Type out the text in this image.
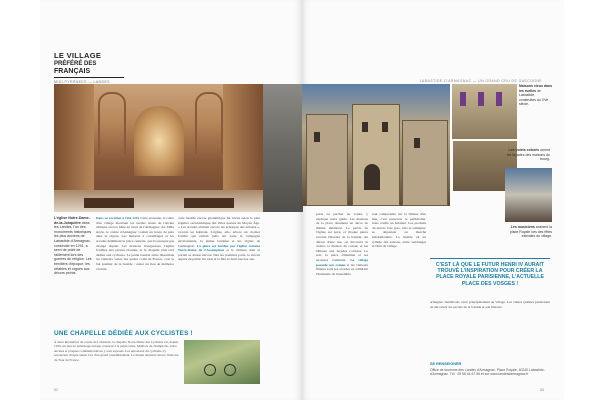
LE VILLAGE
PRÉFÉRÉ DES
FRANÇAIS
MIDI-PYRÉNÉES — LANDES
L'église Notre-Dame-de-la-Jonquière dans les Landes, l'un des monuments historiques les plus anciens de Labastide-d'Armagnac, construite en 1291, a servi de point de ralliement lors des guerres de religion. Les bénitiers d'époque, les retables et orgues aux décors peints.
Dans sa vocation à l'été 1291 Cette ancienne, le cadre d'un village montrant les ruelles restes de l'ancien château, encore bâtie au cœur de l'Armagnac. Au XIIIe siècle, le comte d'Armagnac voulait un havre de paix dans la région. Les maisons à colombages et les arcades délimitent la place centrale, qui n'a presque pas changé depuis. Les maisons bourgeoises, l'église fortifiée aux pierres blondes, et la chapelle plus tard dédiée aux cyclistes. La petite bastide attire désormais les visiteurs venus des quatre coins de France, c'est le but premier de la bastide : rester un lieu de mémoire vivante.
cette bastide encore géométrique fut tracée selon le plan régulier caractéristique des villes neuves du Moyen Âge. « Les arcades abritent encore les échoppes des artisans », raconte un habitant. L'église, elle, arbore un clocher fortifié qui veillait jadis sur toute la campagne environnante, la plaine landaise et les vignes de l'Armagnac. La place est bordée par l'église romane Notre-Dame de l'Assomption et le château dont le portail se dresse encore. Dès les premiers jours, le succès auprès du public fut total et la fête se tient tous les ans.
UNE CHAPELLE DÉDIÉE AUX CYCLISTES !
À deux kilomètres du centre de Labastide, la chapelle Notre-Dame des Cyclistes est, depuis 1959, un lieu de pèlerinage unique consacré à la petite reine. Maillots de champions, vélos anciens et plaques commémoratives y sont exposés. Les amoureux du cyclisme s'y retrouvent chaque année lors d'un grand rassemblement. Le musée attenant retrace l'histoire du Tour de France.
52
LABASTIDE-D'ARMAGNAC — UN GRAND CRU DE GASCOGNE
Maisons vieux dans les ruelles de Labastide, construites au XVe siècle.
Les volets colorés ornent les façades des maisons du bourg.
Les musiciens animent la place Royale lors des fêtes estivales du village.
porté au parchet au voisin, y explique notre guide. Les maisons de la place dessinent un décor de théâtre médiéval. Le parvis de l'église est pavé, et chaque pierre raconte l'histoire de la bastide. Au détour d'une rue, on découvre le cloître, la maison du consul, et les bâtisses aux façades colorées. Le soir, la place s'illumine et les terrasses s'animent. Le village possède son roman et les visiteurs flânent sous les arcades en admirant l'harmonie de l'ensemble.
tout comprendre sur la bâtisse d'un lieu, c'est préserver le patrimoine, nous confie un habitant. Les produits du terroir, foie gras, vins et armagnac se dégustent au marché hebdomadaire. La bastide vit au rythme des saisons, entre vendanges et fêtes de village.
C'EST LÀ QUE LE FUTUR HENRI IV AURAIT TROUVÉ L'INSPIRATION POUR CRÉER LA PLACE ROYALE PARISIENNE, L'ACTUELLE PLACE DES VOSGES !
armagnac médiévale, ceux principalement au village. Les visites guidées permettent de découvrir les secrets de la bastide et son histoire.
SE RENSEIGNER
Office de tourisme des Landes d'Armagnac, Place Royale, 40240 Labastide-d'Armagnac. Tél : 05 58 44 67 56 et sur www.landesdarmagnac.fr
53
